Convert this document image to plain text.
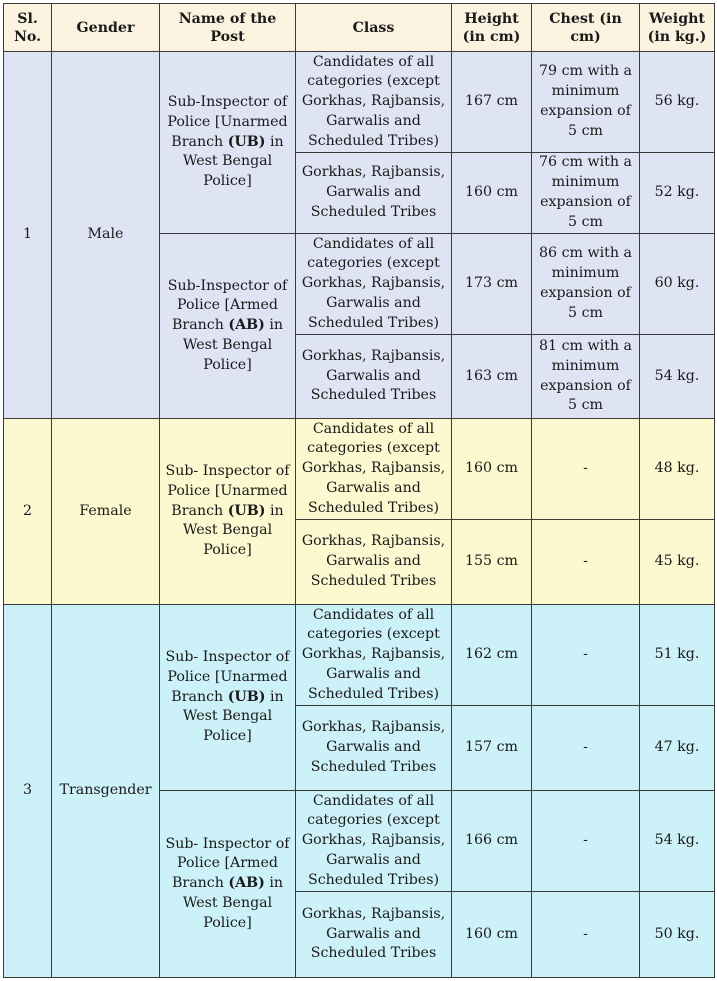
Sl. No.	Gender	Name of the Post	Class	Height (in cm)	Chest (in cm)	Weight (in kg.)
1	Male	Sub-Inspector of Police [Unarmed Branch (UB) in West Bengal Police]	Candidates of all categories (except Gorkhas, Rajbansis, Garwalis and Scheduled Tribes)	167 cm	79 cm with a minimum expansion of 5 cm	56 kg.
			Gorkhas, Rajbansis, Garwalis and Scheduled Tribes	160 cm	76 cm with a minimum expansion of 5 cm	52 kg.
		Sub-Inspector of Police [Armed Branch (AB) in West Bengal Police]	Candidates of all categories (except Gorkhas, Rajbansis, Garwalis and Scheduled Tribes)	173 cm	86 cm with a minimum expansion of 5 cm	60 kg.
			Gorkhas, Rajbansis, Garwalis and Scheduled Tribes	163 cm	81 cm with a minimum expansion of 5 cm	54 kg.
2	Female	Sub- Inspector of Police [Unarmed Branch (UB) in West Bengal Police]	Candidates of all categories (except Gorkhas, Rajbansis, Garwalis and Scheduled Tribes)	160 cm	-	48 kg.
			Gorkhas, Rajbansis, Garwalis and Scheduled Tribes	155 cm	-	45 kg.
3	Transgender	Sub- Inspector of Police [Unarmed Branch (UB) in West Bengal Police]	Candidates of all categories (except Gorkhas, Rajbansis, Garwalis and Scheduled Tribes)	162 cm	-	51 kg.
			Gorkhas, Rajbansis, Garwalis and Scheduled Tribes	157 cm	-	47 kg.
		Sub- Inspector of Police [Armed Branch (AB) in West Bengal Police]	Candidates of all categories (except Gorkhas, Rajbansis, Garwalis and Scheduled Tribes)	166 cm	-	54 kg.
			Gorkhas, Rajbansis, Garwalis and Scheduled Tribes	160 cm	-	50 kg.
